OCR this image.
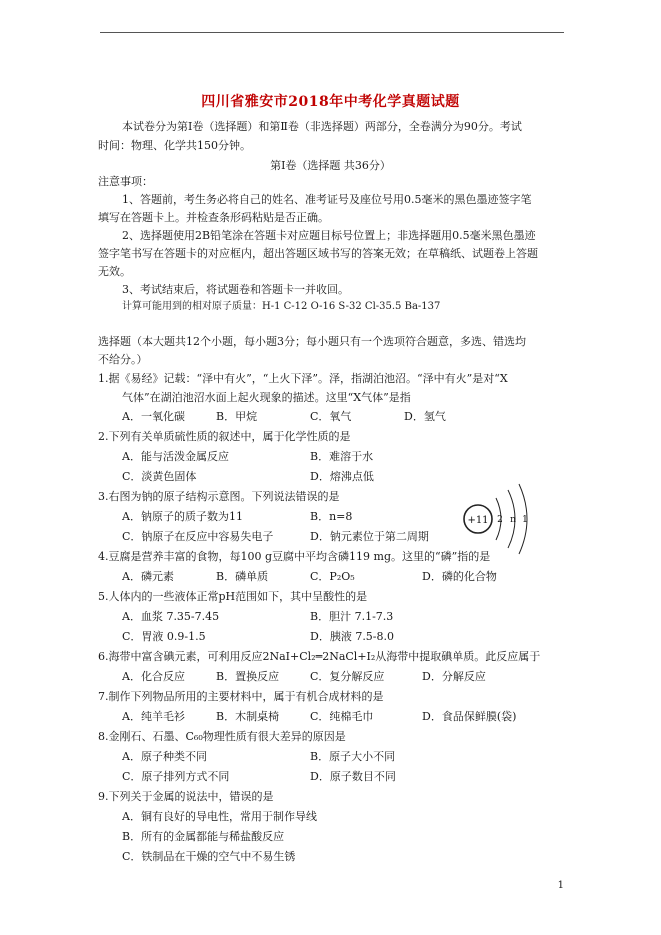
四川省雅安市2018年中考化学真题试题
本试卷分为第Ⅰ卷（选择题）和第Ⅱ卷（非选择题）两部分，全卷满分为90分。考试
时间：物理、化学共150分钟。
第Ⅰ卷（选择题 共36分）
注意事项：
1、答题前，考生务必将自己的姓名、准考证号及座位号用0.5毫米的黑色墨迹签字笔
填写在答题卡上。并检查条形码粘贴是否正确。
2、选择题使用2B铅笔涂在答题卡对应题目标号位置上；非选择题用0.5毫米黑色墨迹
签字笔书写在答题卡的对应框内，超出答题区域书写的答案无效；在草稿纸、试题卷上答题
无效。
3、考试结束后，将试题卷和答题卡一并收回。
计算可能用到的相对原子质量：H-1 C-12 O-16 S-32 Cl-35.5 Ba-137
选择题（本大题共12个小题，每小题3分；每小题只有一个选项符合题意，多选、错选均
不给分。）
1.据《易经》记载：“泽中有火”，“上火下泽”。泽，指湖泊池沼。“泽中有火”是对“X
气体”在湖泊池沼水面上起火现象的描述。这里“X气体”是指
A．一氧化碳	B．甲烷	C．氧气	D．氢气
2.下列有关单质硫性质的叙述中，属于化学性质的是
A．能与活泼金属反应	B．难溶于水
C．淡黄色固体	D．熔沸点低
3.右图为钠的原子结构示意图。下列说法错误的是
A．钠原子的质子数为11	B．n=8
C．钠原子在反应中容易失电子	D．钠元素位于第二周期
+11 2 n 1
4.豆腐是营养丰富的食物，每100 g豆腐中平均含磷119 mg。这里的“磷”指的是
A．磷元素	B．磷单质	C．P₂O₅	D．磷的化合物
5.人体内的一些液体正常pH范围如下，其中呈酸性的是
A．血浆 7.35-7.45	B．胆汁 7.1-7.3
C．胃液 0.9-1.5	D．胰液 7.5-8.0
6.海带中富含碘元素，可利用反应2NaI+Cl₂═2NaCl+I₂从海带中提取碘单质。此反应属于
A．化合反应	B．置换反应	C．复分解反应	D．分解反应
7.制作下列物品所用的主要材料中，属于有机合成材料的是
A．纯羊毛衫	B．木制桌椅	C．纯棉毛巾	D．食品保鲜膜(袋)
8.金刚石、石墨、C₆₀物理性质有很大差异的原因是
A．原子种类不同	B．原子大小不同
C．原子排列方式不同	D．原子数目不同
9.下列关于金属的说法中，错误的是
A．铜有良好的导电性，常用于制作导线
B．所有的金属都能与稀盐酸反应
C．铁制品在干燥的空气中不易生锈
1
